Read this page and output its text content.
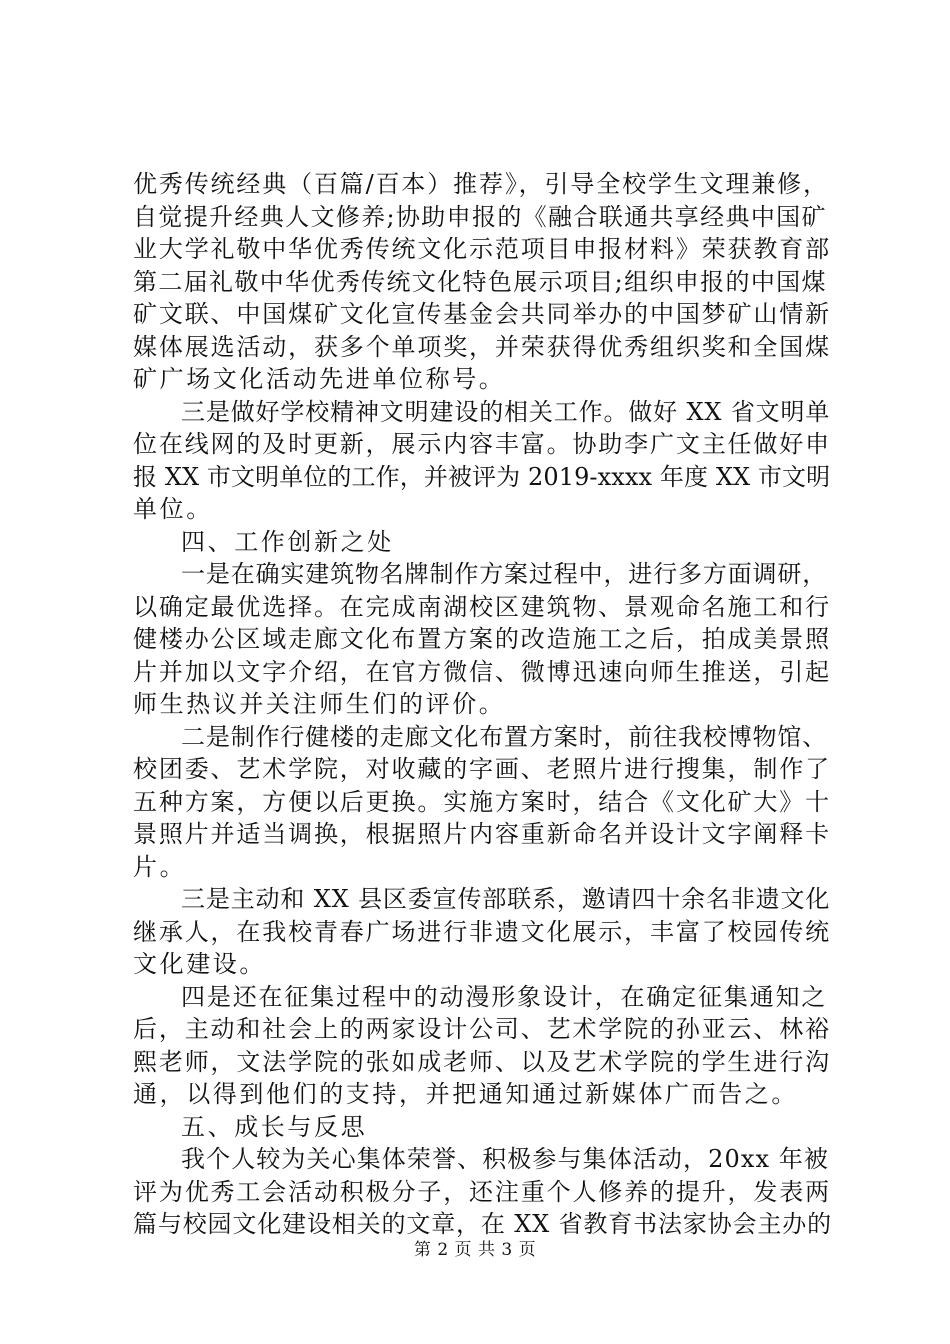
优秀传统经典（百篇/百本）推荐》，引导全校学生文理兼修，
自觉提升经典人文修养;协助申报的《融合联通共享经典中国矿
业大学礼敬中华优秀传统文化示范项目申报材料》荣获教育部
第二届礼敬中华优秀传统文化特色展示项目;组织申报的中国煤
矿文联、中国煤矿文化宣传基金会共同举办的中国梦矿山情新
媒体展选活动，获多个单项奖，并荣获得优秀组织奖和全国煤
矿广场文化活动先进单位称号。
三是做好学校精神文明建设的相关工作。做好 XX 省文明单
位在线网的及时更新，展示内容丰富。协助李广文主任做好申
报 XX 市文明单位的工作，并被评为 2019-xxxx 年度 XX 市文明
单位。
四、工作创新之处
一是在确实建筑物名牌制作方案过程中，进行多方面调研，
以确定最优选择。在完成南湖校区建筑物、景观命名施工和行
健楼办公区域走廊文化布置方案的改造施工之后，拍成美景照
片并加以文字介绍，在官方微信、微博迅速向师生推送，引起
师生热议并关注师生们的评价。
二是制作行健楼的走廊文化布置方案时，前往我校博物馆、
校团委、艺术学院，对收藏的字画、老照片进行搜集，制作了
五种方案，方便以后更换。实施方案时，结合《文化矿大》十
景照片并适当调换，根据照片内容重新命名并设计文字阐释卡
片。
三是主动和 XX 县区委宣传部联系，邀请四十余名非遗文化
继承人，在我校青春广场进行非遗文化展示，丰富了校园传统
文化建设。
四是还在征集过程中的动漫形象设计，在确定征集通知之
后，主动和社会上的两家设计公司、艺术学院的孙亚云、林裕
熙老师，文法学院的张如成老师、以及艺术学院的学生进行沟
通，以得到他们的支持，并把通知通过新媒体广而告之。
五、成长与反思
我个人较为关心集体荣誉、积极参与集体活动，20xx 年被
评为优秀工会活动积极分子，还注重个人修养的提升，发表两
篇与校园文化建设相关的文章，在 XX 省教育书法家协会主办的
第 2 页 共 3 页
